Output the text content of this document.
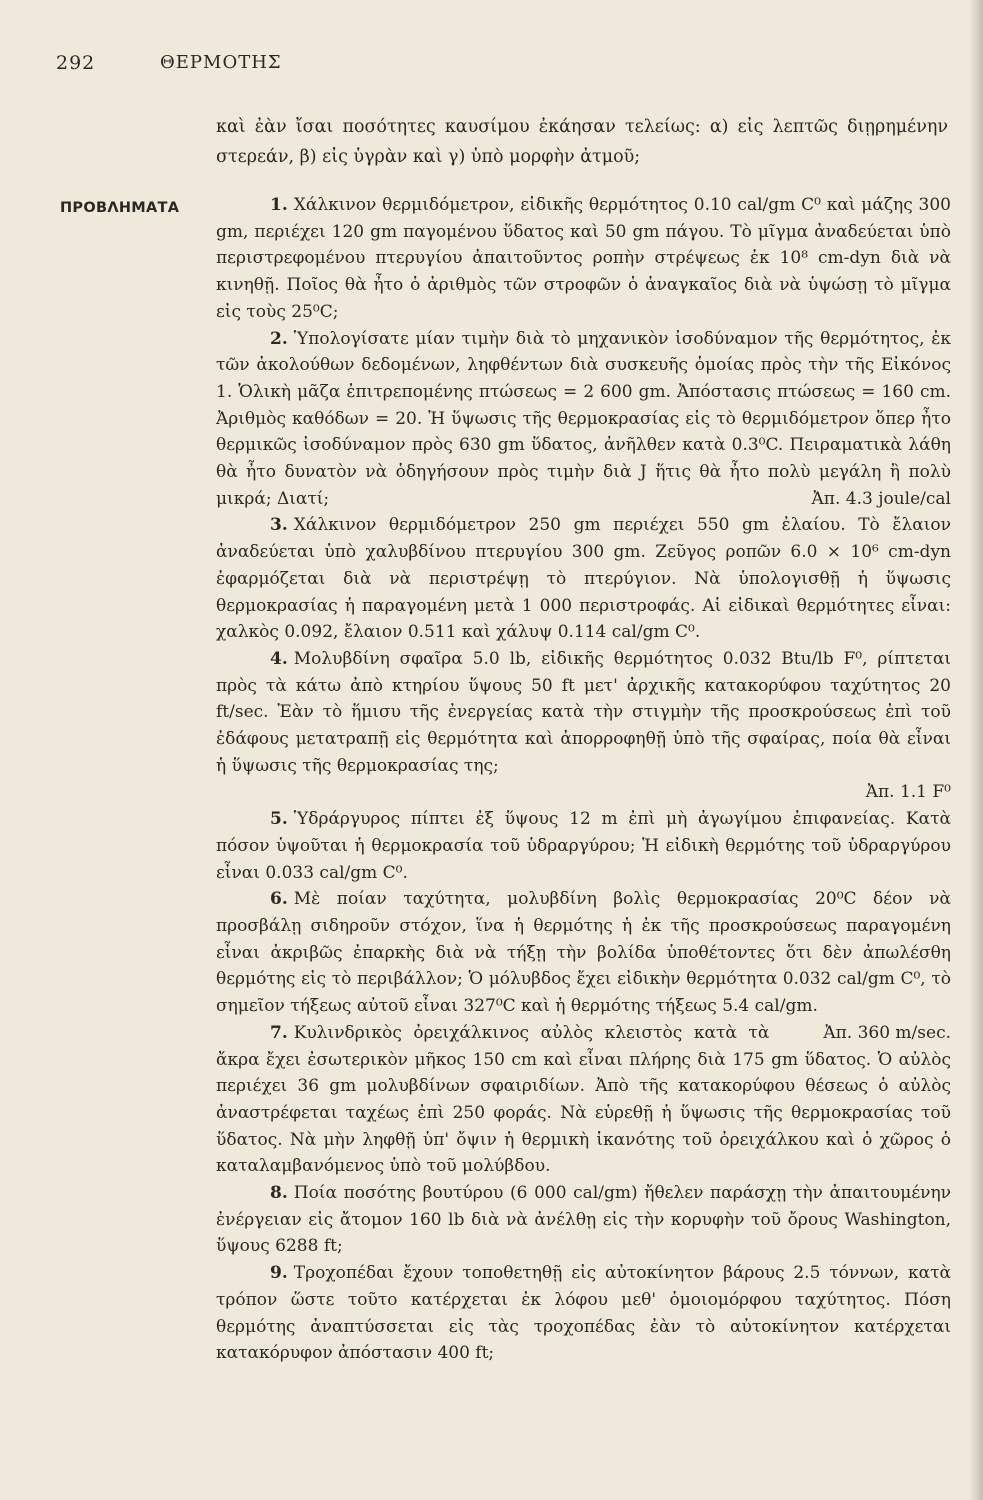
292	ΘΕΡΜΟΤΗΣ

καὶ ἐὰν ἴσαι ποσότητες καυσίμου ἐκάησαν τελείως: α) εἰς λεπτῶς διῃρημένην στερεάν, β) εἰς ὑγρὰν καὶ γ) ὑπὸ μορφὴν ἀτμοῦ;

ΠΡΟΒΛΗΜΑΤΑ	1. Χάλκινον θερμιδόμετρον, εἰδικῆς θερμότητος 0.10 cal/gm C⁰ καὶ μάζης 300 gm, περιέχει 120 gm παγομένου ὕδατος καὶ 50 gm πάγου. Τὸ μῖγμα ἀναδεύεται ὑπὸ περιστρεφομένου πτερυγίου ἀπαιτοῦντος ροπὴν στρέψεως ἐκ 10⁸ cm-dyn διὰ νὰ κινηθῇ. Ποῖος θὰ ἦτο ὁ ἀριθμὸς τῶν στροφῶν ὁ ἀναγκαῖος διὰ νὰ ὑψώσῃ τὸ μῖγμα εἰς τοὺς 25⁰C;

2. Ὑπολογίσατε μίαν τιμὴν διὰ τὸ μηχανικὸν ἰσοδύναμον τῆς θερμότητος, ἐκ τῶν ἀκολούθων δεδομένων, ληφθέντων διὰ συσκευῆς ὁμοίας πρὸς τὴν τῆς Εἰκόνος 1. Ὁλικὴ μᾶζα ἐπιτρεπομένης πτώσεως = 2 600 gm. Ἀπόστασις πτώσεως = 160 cm. Ἀριθμὸς καθόδων = 20. Ἡ ὕψωσις τῆς θερμοκρασίας εἰς τὸ θερμιδόμετρον ὅπερ ἦτο θερμικῶς ἰσοδύναμον πρὸς 630 gm ὕδατος, ἀνῆλθεν κατὰ 0.3⁰C. Πειραματικὰ λάθη θὰ ἦτο δυνατὸν νὰ ὁδηγήσουν πρὸς τιμὴν διὰ J ἥτις θὰ ἦτο πολὺ μεγάλη ἢ πολὺ μικρά; Διατί;	Ἀπ. 4.3 joule/cal

3. Χάλκινον θερμιδόμετρον 250 gm περιέχει 550 gm ἐλαίου. Τὸ ἔλαιον ἀναδεύεται ὑπὸ χαλυβδίνου πτερυγίου 300 gm. Ζεῦγος ροπῶν 6.0 × 10⁶ cm-dyn ἐφαρμόζεται διὰ νὰ περιστρέψῃ τὸ πτερύγιον. Νὰ ὑπολογισθῇ ἡ ὕψωσις θερμοκρασίας ἡ παραγομένη μετὰ 1 000 περιστροφάς. Αἱ εἰδικαὶ θερμότητες εἶναι: χαλκὸς 0.092, ἔλαιον 0.511 καὶ χάλυψ 0.114 cal/gm C⁰.

4. Μολυβδίνη σφαῖρα 5.0 lb, εἰδικῆς θερμότητος 0.032 Btu/lb F⁰, ρίπτεται πρὸς τὰ κάτω ἀπὸ κτηρίου ὕψους 50 ft μετ' ἀρχικῆς κατακορύφου ταχύτητος 20 ft/sec. Ἐὰν τὸ ἥμισυ τῆς ἐνεργείας κατὰ τὴν στιγμὴν τῆς προσκρούσεως ἐπὶ τοῦ ἐδάφους μετατραπῇ εἰς θερμότητα καὶ ἀπορροφηθῇ ὑπὸ τῆς σφαίρας, ποία θὰ εἶναι ἡ ὕψωσις τῆς θερμοκρασίας της;
Ἀπ. 1.1 F⁰

5. Ὑδράργυρος πίπτει ἐξ ὕψους 12 m ἐπὶ μὴ ἀγωγίμου ἐπιφανείας. Κατὰ πόσον ὑψοῦται ἡ θερμοκρασία τοῦ ὑδραργύρου; Ἡ εἰδικὴ θερμότης τοῦ ὑδραργύρου εἶναι 0.033 cal/gm C⁰.

6. Μὲ ποίαν ταχύτητα, μολυβδίνη βολὶς θερμοκρασίας 20⁰C δέον νὰ προσβάλῃ σιδηροῦν στόχον, ἵνα ἡ θερμότης ἡ ἐκ τῆς προσκρούσεως παραγομένη εἶναι ἀκριβῶς ἐπαρκὴς διὰ νὰ τήξῃ τὴν βολίδα ὑποθέτοντες ὅτι δὲν ἀπωλέσθη θερμότης εἰς τὸ περιβάλλον; Ὁ μόλυβδος ἔχει εἰδικὴν θερμότητα 0.032 cal/gm C⁰, τὸ σημεῖον τήξεως αὐτοῦ εἶναι 327⁰C καὶ ἡ θερμότης τήξεως 5.4 cal/gm.
Ἀπ. 360 m/sec.

7. Κυλινδρικὸς ὀρειχάλκινος αὐλὸς κλειστὸς κατὰ τὰ ἄκρα ἔχει ἐσωτερικὸν μῆκος 150 cm καὶ εἶναι πλήρης διὰ 175 gm ὕδατος. Ὁ αὐλὸς περιέχει 36 gm μολυβδίνων σφαιριδίων. Ἀπὸ τῆς κατακορύφου θέσεως ὁ αὐλὸς ἀναστρέφεται ταχέως ἐπὶ 250 φοράς. Νὰ εὑρεθῇ ἡ ὕψωσις τῆς θερμοκρασίας τοῦ ὕδατος. Νὰ μὴν ληφθῇ ὑπ' ὄψιν ἡ θερμικὴ ἱκανότης τοῦ ὀρειχάλκου καὶ ὁ χῶρος ὁ καταλαμβανόμενος ὑπὸ τοῦ μολύβδου.

8. Ποία ποσότης βουτύρου (6 000 cal/gm) ἤθελεν παράσχῃ τὴν ἀπαιτουμένην ἐνέργειαν εἰς ἄτομον 160 lb διὰ νὰ ἀνέλθῃ εἰς τὴν κορυφὴν τοῦ ὄρους Washington, ὕψους 6288 ft;

9. Τροχοπέδαι ἔχουν τοποθετηθῇ εἰς αὐτοκίνητον βάρους 2.5 τόννων, κατὰ τρόπον ὥστε τοῦτο κατέρχεται ἐκ λόφου μεθ' ὁμοιομόρφου ταχύτητος. Πόση θερμότης ἀναπτύσσεται εἰς τὰς τροχοπέδας ἐὰν τὸ αὐτοκίνητον κατέρχεται κατακόρυφον ἀπόστασιν 400 ft;
